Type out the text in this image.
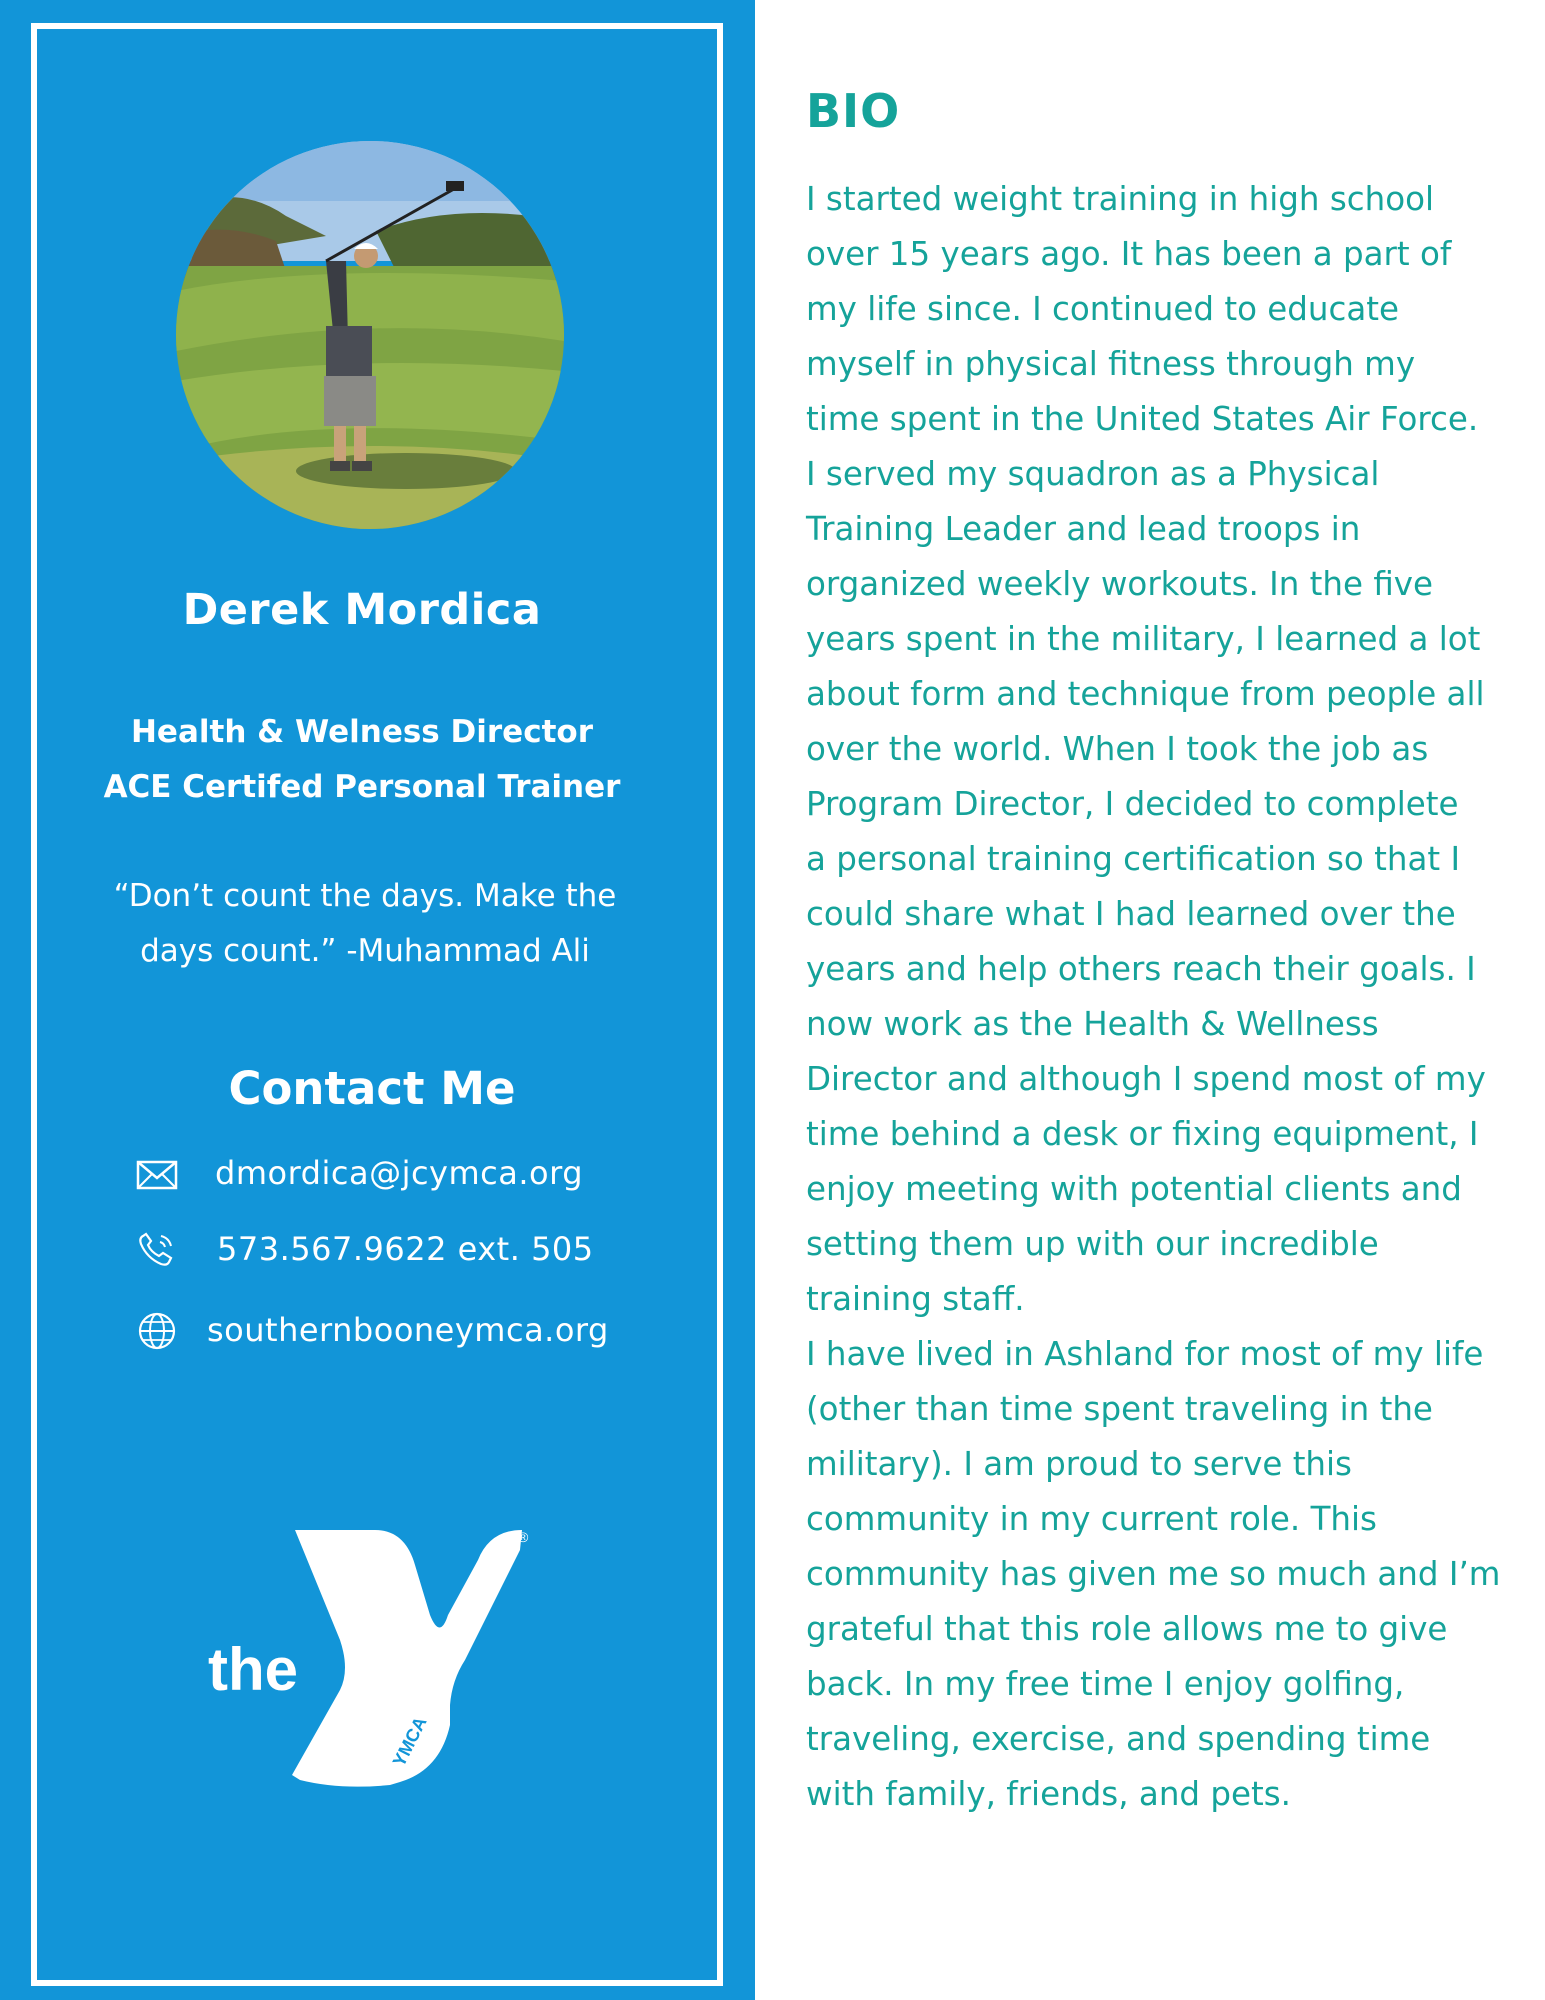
Derek Mordica
Health & Welness Director
ACE Certifed Personal Trainer
“Don’t count the days. Make the
days count.” -Muhammad Ali
Contact Me
dmordica@jcymca.org
573.567.9622 ext. 505
southernbooneymca.org
the
YMCA
®
BIO

I started weight training in high school
over 15 years ago. It has been a part of
my life since. I continued to educate
myself in physical fitness through my
time spent in the United States Air Force.
I served my squadron as a Physical
Training Leader and lead troops in
organized weekly workouts. In the five
years spent in the military, I learned a lot
about form and technique from people all
over the world. When I took the job as
Program Director, I decided to complete
a personal training certification so that I
could share what I had learned over the
years and help others reach their goals. I
now work as the Health & Wellness
Director and although I spend most of my
time behind a desk or fixing equipment, I
enjoy meeting with potential clients and
setting them up with our incredible
training staff.

I have lived in Ashland for most of my life
(other than time spent traveling in the
military). I am proud to serve this
community in my current role. This
community has given me so much and I’m
grateful that this role allows me to give
back. In my free time I enjoy golfing,
traveling, exercise, and spending time
with family, friends, and pets.
